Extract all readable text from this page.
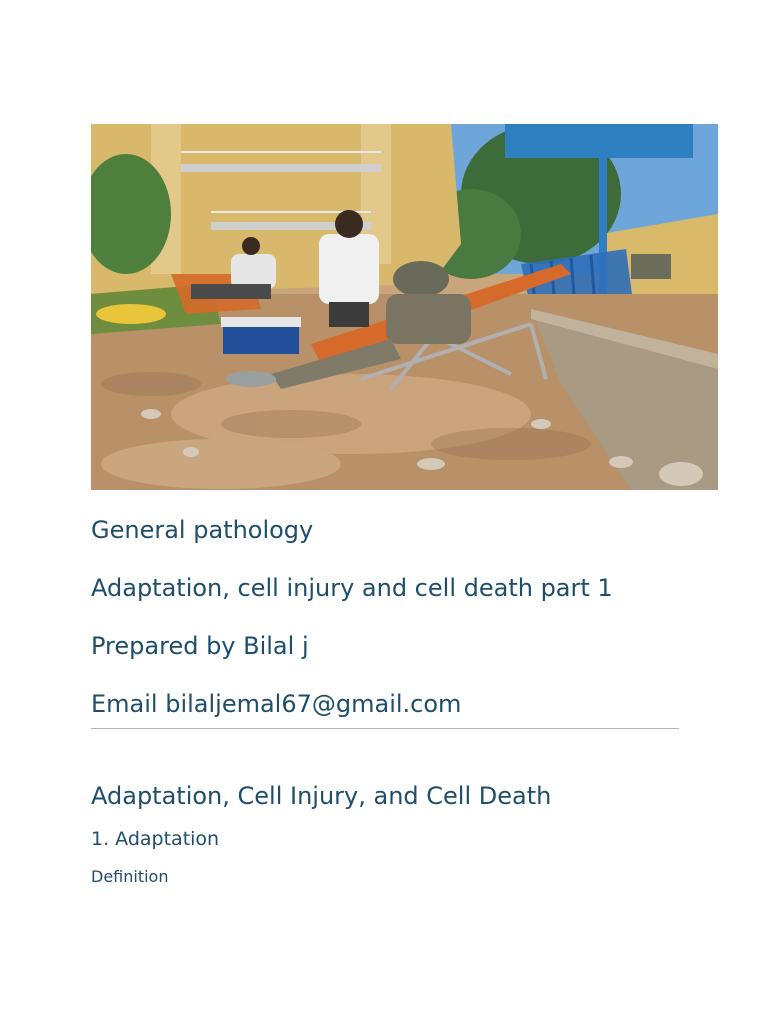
General pathology

Adaptation, cell injury and cell death part 1

Prepared by Bilal j

Email bilaljemal67@gmail.com

Adaptation, Cell Injury, and Cell Death
1. Adaptation
Definition
